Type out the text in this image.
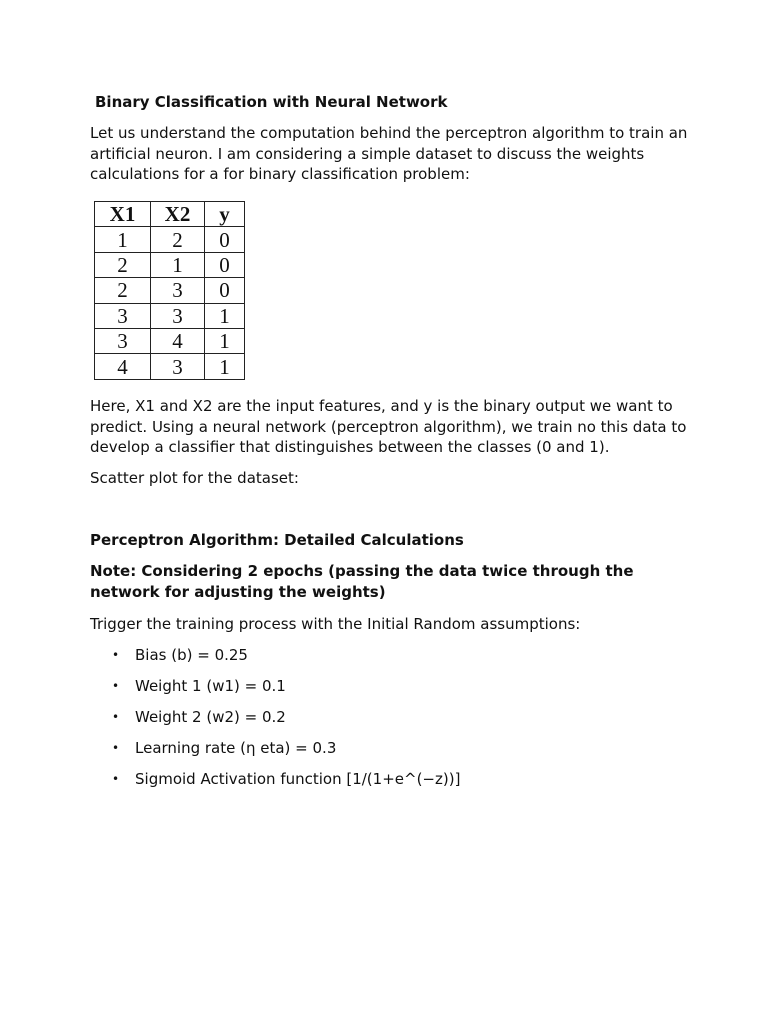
Binary Classification with Neural Network

Let us understand the computation behind the perceptron algorithm to train an artificial neuron. I am considering a simple dataset to discuss the weights calculations for a for binary classification problem:

X1	X2	y
1	2	0
2	1	0
2	3	0
3	3	1
3	4	1
4	3	1

Here, X1 and X2 are the input features, and y is the binary output we want to predict. Using a neural network (perceptron algorithm), we train no this data to develop a classifier that distinguishes between the classes (0 and 1).

Scatter plot for the dataset:

Perceptron Algorithm: Detailed Calculations

Note: Considering 2 epochs (passing the data twice through the network for adjusting the weights)

Trigger the training process with the Initial Random assumptions:

• Bias (b) = 0.25
• Weight 1 (w1) = 0.1
• Weight 2 (w2) = 0.2
• Learning rate (η eta) = 0.3
• Sigmoid Activation function [1/(1+e^(−z))]
